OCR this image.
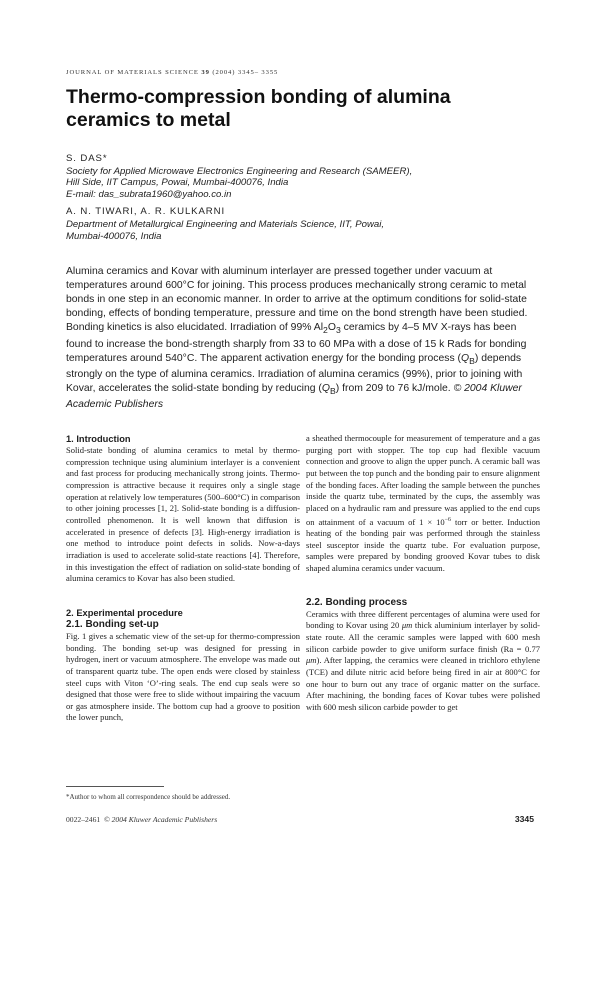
JOURNAL OF MATERIALS SCIENCE 39 (2004) 3345– 3355
Thermo-compression bonding of alumina ceramics to metal
S. DAS*
Society for Applied Microwave Electronics Engineering and Research (SAMEER),
Hill Side, IIT Campus, Powai, Mumbai-400076, India
E-mail: das_subrata1960@yahoo.co.in
A. N. TIWARI, A. R. KULKARNI
Department of Metallurgical Engineering and Materials Science, IIT, Powai,
Mumbai-400076, India

Alumina ceramics and Kovar with aluminum interlayer are pressed together under vacuum at temperatures around 600°C for joining. This process produces mechanically strong ceramic to metal bonds in one step in an economic manner. In order to arrive at the optimum conditions for solid-state bonding, effects of bonding temperature, pressure and time on the bond strength have been studied. Bonding kinetics is also elucidated. Irradiation of 99% $Al_2O_3$ ceramics by 4–5 MV X-rays has been found to increase the bond-strength sharply from 33 to 60 MPa with a dose of 15 k Rads for bonding temperatures around 540°C. The apparent activation energy for the bonding process $(Q_B)$ depends strongly on the type of alumina ceramics. Irradiation of alumina ceramics (99%), prior to joining with Kovar, accelerates the solid-state bonding by reducing $(Q_B)$ from 209 to 76 kJ/mole. © 2004 Kluwer Academic Publishers

1. Introduction

Solid-state bonding of alumina ceramics to metal by thermo-compression technique using aluminium interlayer is a convenient and fast process for producing mechanically strong joints. Thermo-compression is attractive because it requires only a single stage operation at relatively low temperatures (500–600°C) in comparison to other joining processes [1, 2]. Solid-state bonding is a diffusion-controlled phenomenon. It is well known that diffusion is accelerated in presence of defects [3]. High-energy irradiation is one method to introduce point defects in solids. Now-a-days irradiation is used to accelerate solid-state reactions [4]. Therefore, in this investigation the effect of radiation on solid-state bonding of alumina ceramics to Kovar has also been studied.

2. Experimental procedure
2.1. Bonding set-up

Fig. 1 gives a schematic view of the set-up for thermo-compression bonding. The bonding set-up was designed for pressing in hydrogen, inert or vacuum atmosphere. The envelope was made out of transparent quartz tube. The open ends were closed by stainless steel cups with Viton ‘O’-ring seals. The end cup seals were so designed that those were free to slide without impairing the vacuum or gas atmosphere inside. The bottom cup had a groove to position the lower punch,

a sheathed thermocouple for measurement of temperature and a gas purging port with stopper. The top cup had flexible vacuum connection and groove to align the upper punch. A ceramic ball was put between the top punch and the bonding pair to ensure alignment of the bonding faces. After loading the sample between the punches inside the quartz tube, terminated by the cups, the assembly was placed on a hydraulic ram and pressure was applied to the end cups on attainment of a vacuum of $1 \times 10^{-6}$ torr or better. Induction heating of the bonding pair was performed through the stainless steel susceptor inside the quartz tube. For evaluation purpose, samples were prepared by bonding grooved Kovar tubes to disk shaped alumina ceramics under vacuum.

2.2. Bonding process

Ceramics with three different percentages of alumina were used for bonding to Kovar using 20 μm thick aluminium interlayer by solid-state route. All the ceramic samples were lapped with 600 mesh silicon carbide powder to give uniform surface finish (Ra = 0.77 μm). After lapping, the ceramics were cleaned in trichloro ethylene (TCE) and dilute nitric acid before being fired in air at 800°C for one hour to burn out any trace of organic matter on the surface. After machining, the bonding faces of Kovar tubes were polished with 600 mesh silicon carbide powder to get

*Author to whom all correspondence should be addressed.
0022–2461 © 2004 Kluwer Academic Publishers	3345
